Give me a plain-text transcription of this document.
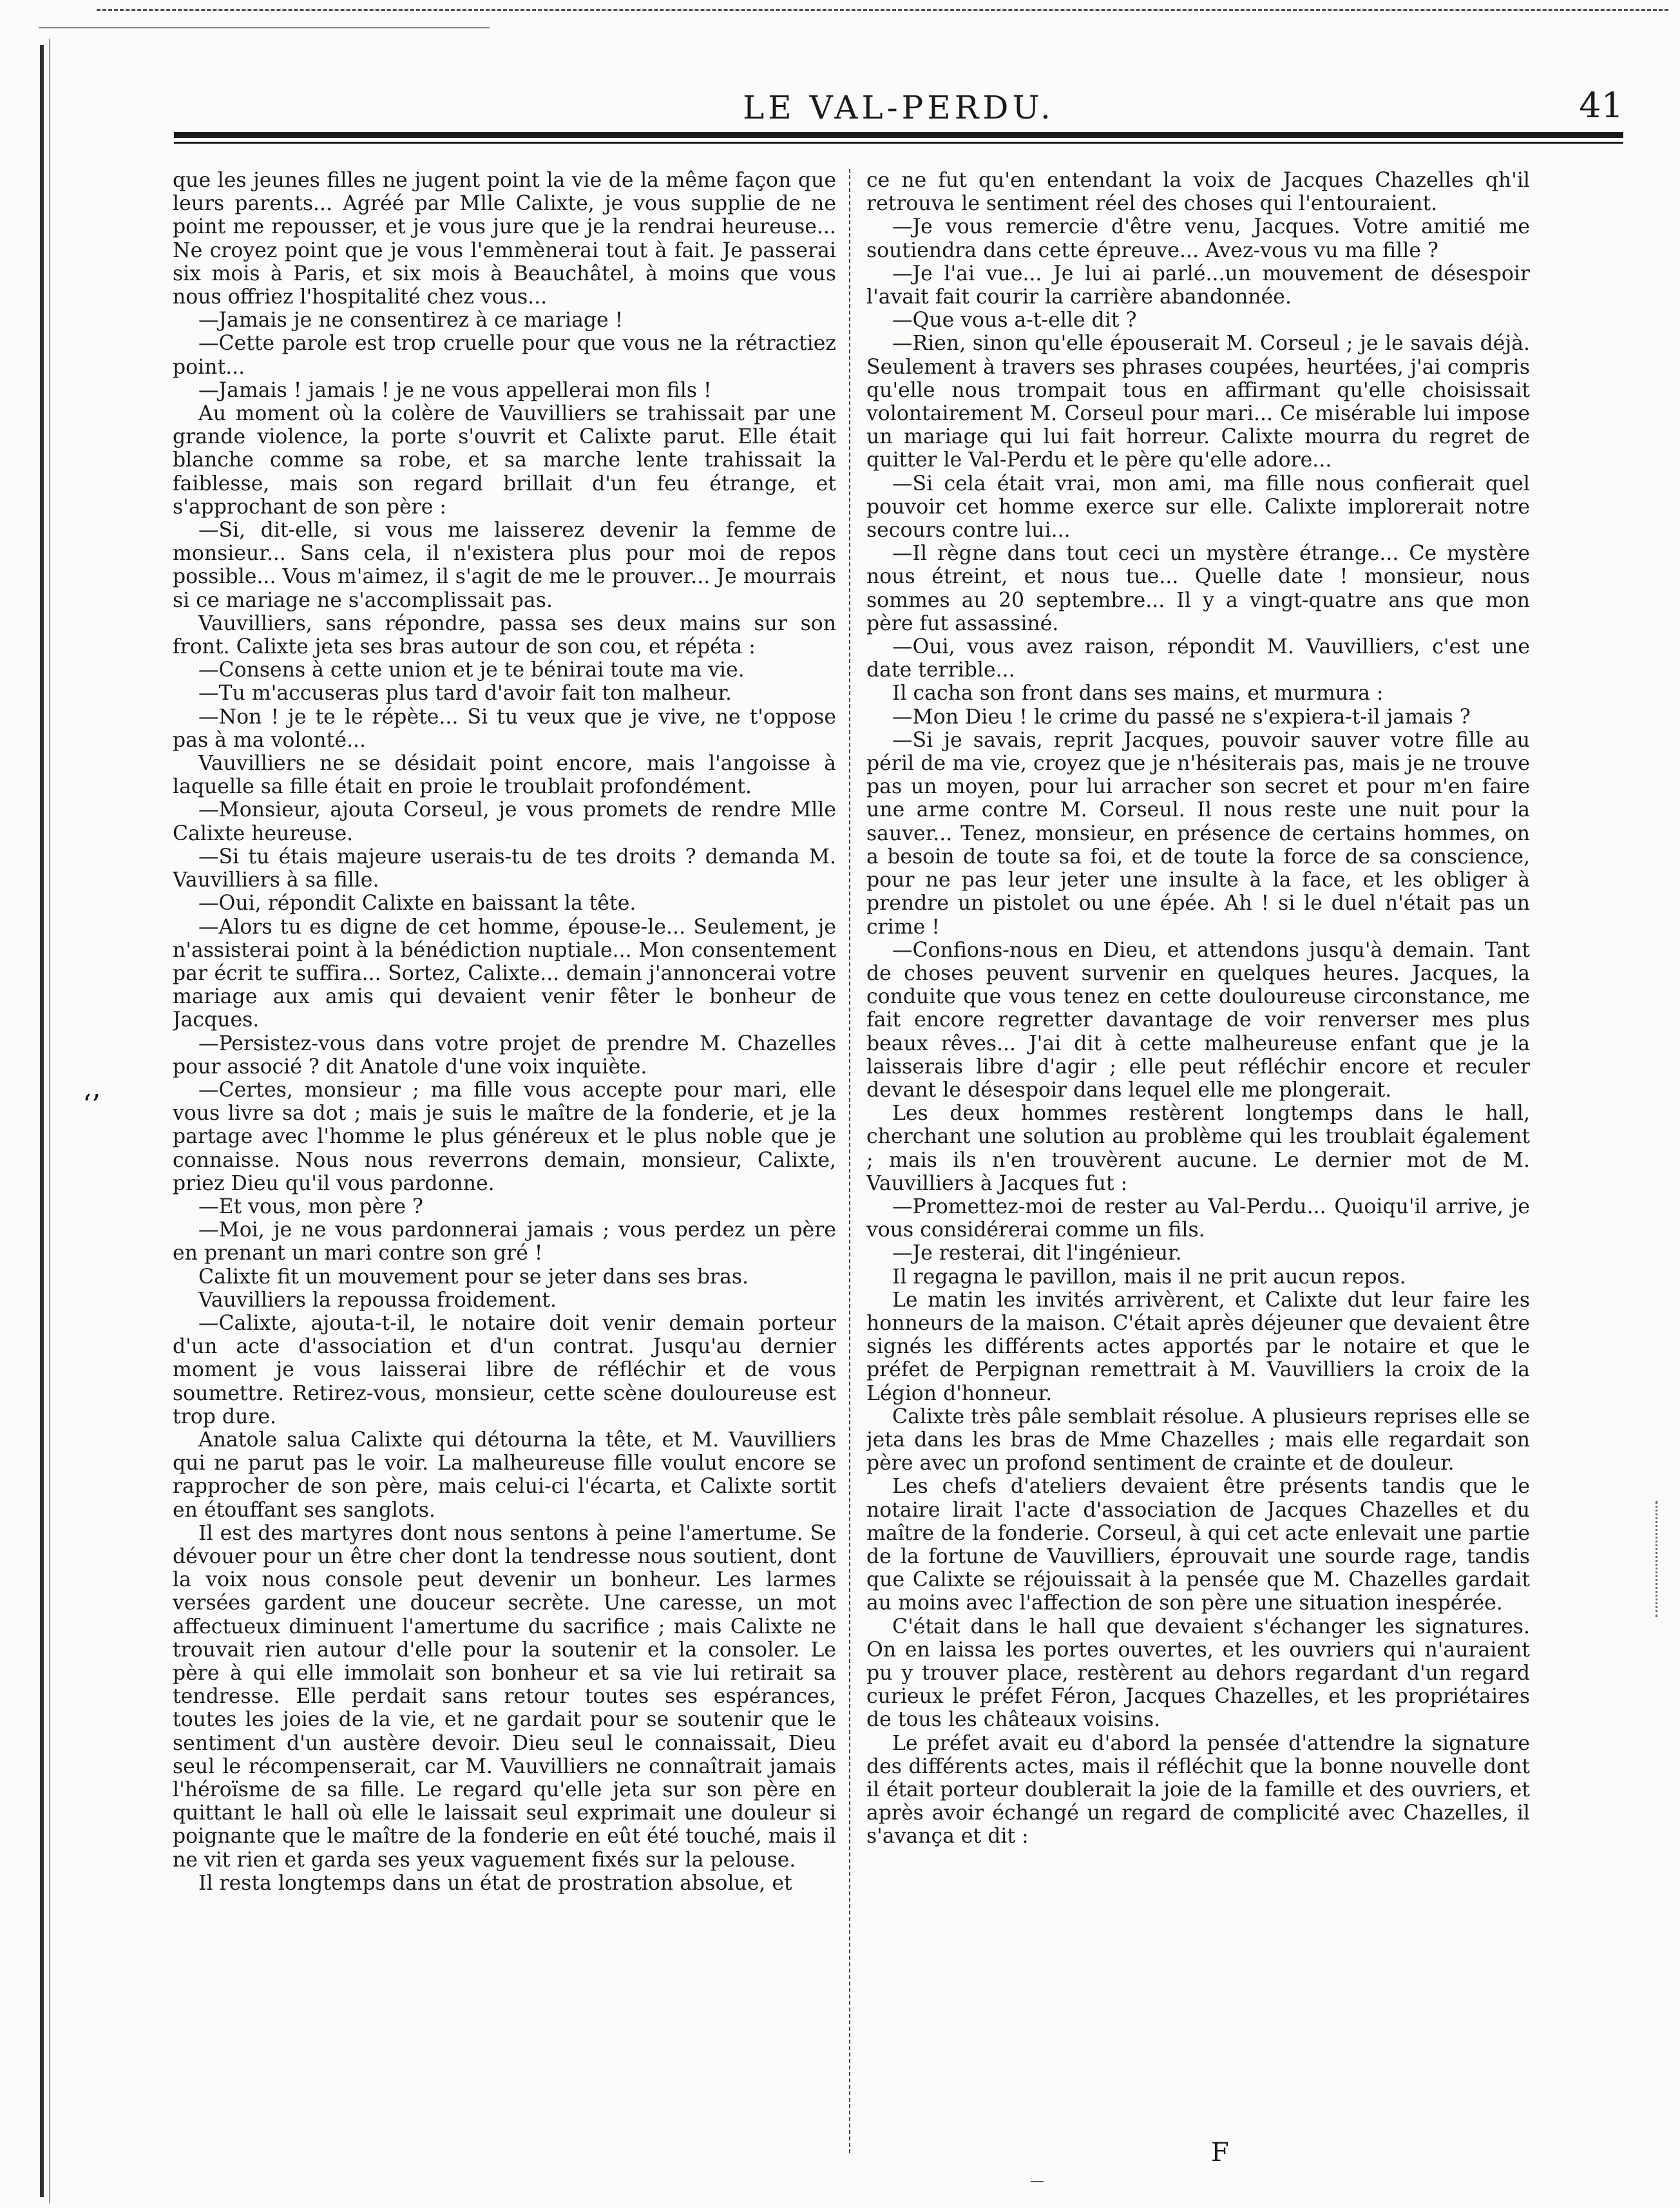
‘’
LE VAL-PERDU.	41

que les jeunes filles ne jugent point la vie de la même façon que leurs parents... Agréé par Mlle Calixte, je vous supplie de ne point me repousser, et je vous jure que je la rendrai heureuse... Ne croyez point que je vous l'emmènerai tout à fait. Je passerai six mois à Paris, et six mois à Beauchâtel, à moins que vous nous offriez l'hospitalité chez vous...

—Jamais je ne consentirez à ce mariage !

—Cette parole est trop cruelle pour que vous ne la rétractiez point...

—Jamais ! jamais ! je ne vous appellerai mon fils !

Au moment où la colère de Vauvilliers se trahissait par une grande violence, la porte s'ouvrit et Calixte parut. Elle était blanche comme sa robe, et sa marche lente trahissait la faiblesse, mais son regard brillait d'un feu étrange, et s'approchant de son père :

—Si, dit-elle, si vous me laisserez devenir la femme de monsieur... Sans cela, il n'existera plus pour moi de repos possible... Vous m'aimez, il s'agit de me le prouver... Je mourrais si ce mariage ne s'accomplissait pas.

Vauvilliers, sans répondre, passa ses deux mains sur son front. Calixte jeta ses bras autour de son cou, et répéta :

—Consens à cette union et je te bénirai toute ma vie.

—Tu m'accuseras plus tard d'avoir fait ton malheur.

—Non ! je te le répète... Si tu veux que je vive, ne t'oppose pas à ma volonté...

Vauvilliers ne se désidait point encore, mais l'angoisse à laquelle sa fille était en proie le troublait profondément.

—Monsieur, ajouta Corseul, je vous promets de rendre Mlle Calixte heureuse.

—Si tu étais majeure userais-tu de tes droits ? demanda M. Vauvilliers à sa fille.

—Oui, répondit Calixte en baissant la tête.

—Alors tu es digne de cet homme, épouse-le... Seulement, je n'assisterai point à la bénédiction nuptiale... Mon consentement par écrit te suffira... Sortez, Calixte... demain j'annoncerai votre mariage aux amis qui devaient venir fêter le bonheur de Jacques.

—Persistez-vous dans votre projet de prendre M. Chazelles pour associé ? dit Anatole d'une voix inquiète.

—Certes, monsieur ; ma fille vous accepte pour mari, elle vous livre sa dot ; mais je suis le maître de la fonderie, et je la partage avec l'homme le plus généreux et le plus noble que je connaisse. Nous nous reverrons demain, monsieur, Calixte, priez Dieu qu'il vous pardonne.

—Et vous, mon père ?

—Moi, je ne vous pardonnerai jamais ; vous perdez un père en prenant un mari contre son gré !

Calixte fit un mouvement pour se jeter dans ses bras.

Vauvilliers la repoussa froidement.

—Calixte, ajouta-t-il, le notaire doit venir demain porteur d'un acte d'association et d'un contrat. Jusqu'au dernier moment je vous laisserai libre de réfléchir et de vous soumettre. Retirez-vous, monsieur, cette scène douloureuse est trop dure.

Anatole salua Calixte qui détourna la tête, et M. Vauvilliers qui ne parut pas le voir. La malheureuse fille voulut encore se rapprocher de son père, mais celui-ci l'écarta, et Calixte sortit en étouffant ses sanglots.

Il est des martyres dont nous sentons à peine l'amertume. Se dévouer pour un être cher dont la tendresse nous soutient, dont la voix nous console peut devenir un bonheur. Les larmes versées gardent une douceur secrète. Une caresse, un mot affectueux diminuent l'amertume du sacrifice ; mais Calixte ne trouvait rien autour d'elle pour la soutenir et la consoler. Le père à qui elle immolait son bonheur et sa vie lui retirait sa tendresse. Elle perdait sans retour toutes ses espérances, toutes les joies de la vie, et ne gardait pour se soutenir que le sentiment d'un austère devoir. Dieu seul le connaissait, Dieu seul le récompenserait, car M. Vauvilliers ne connaîtrait jamais l'héroïsme de sa fille. Le regard qu'elle jeta sur son père en quittant le hall où elle le laissait seul exprimait une douleur si poignante que le maître de la fonderie en eût été touché, mais il ne vit rien et garda ses yeux vaguement fixés sur la pelouse.

Il resta longtemps dans un état de prostration absolue, et

ce ne fut qu'en entendant la voix de Jacques Chazelles qh'il retrouva le sentiment réel des choses qui l'entouraient.

—Je vous remercie d'être venu, Jacques. Votre amitié me soutiendra dans cette épreuve... Avez-vous vu ma fille ?

—Je l'ai vue... Je lui ai parlé...un mouvement de désespoir l'avait fait courir la carrière abandonnée.

—Que vous a-t-elle dit ?

—Rien, sinon qu'elle épouserait M. Corseul ; je le savais déjà. Seulement à travers ses phrases coupées, heurtées, j'ai compris qu'elle nous trompait tous en affirmant qu'elle choisissait volontairement M. Corseul pour mari... Ce misérable lui impose un mariage qui lui fait horreur. Calixte mourra du regret de quitter le Val-Perdu et le père qu'elle adore...

—Si cela était vrai, mon ami, ma fille nous confierait quel pouvoir cet homme exerce sur elle. Calixte implorerait notre secours contre lui...

—Il règne dans tout ceci un mystère étrange... Ce mystère nous étreint, et nous tue... Quelle date ! monsieur, nous sommes au 20 septembre... Il y a vingt-quatre ans que mon père fut assassiné.

—Oui, vous avez raison, répondit M. Vauvilliers, c'est une date terrible...

Il cacha son front dans ses mains, et murmura :

—Mon Dieu ! le crime du passé ne s'expiera-t-il jamais ?

—Si je savais, reprit Jacques, pouvoir sauver votre fille au péril de ma vie, croyez que je n'hésiterais pas, mais je ne trouve pas un moyen, pour lui arracher son secret et pour m'en faire une arme contre M. Corseul. Il nous reste une nuit pour la sauver... Tenez, monsieur, en présence de certains hommes, on a besoin de toute sa foi, et de toute la force de sa conscience, pour ne pas leur jeter une insulte à la face, et les obliger à prendre un pistolet ou une épée. Ah ! si le duel n'était pas un crime !

—Confions-nous en Dieu, et attendons jusqu'à demain. Tant de choses peuvent survenir en quelques heures. Jacques, la conduite que vous tenez en cette douloureuse circonstance, me fait encore regretter davantage de voir renverser mes plus beaux rêves... J'ai dit à cette malheureuse enfant que je la laisserais libre d'agir ; elle peut réfléchir encore et reculer devant le désespoir dans lequel elle me plongerait.

Les deux hommes restèrent longtemps dans le hall, cherchant une solution au problème qui les troublait également ; mais ils n'en trouvèrent aucune. Le dernier mot de M. Vauvilliers à Jacques fut :

—Promettez-moi de rester au Val-Perdu... Quoiqu'il arrive, je vous considérerai comme un fils.

—Je resterai, dit l'ingénieur.

Il regagna le pavillon, mais il ne prit aucun repos.

Le matin les invités arrivèrent, et Calixte dut leur faire les honneurs de la maison. C'était après déjeuner que devaient être signés les différents actes apportés par le notaire et que le préfet de Perpignan remettrait à M. Vauvilliers la croix de la Légion d'honneur.

Calixte très pâle semblait résolue. A plusieurs reprises elle se jeta dans les bras de Mme Chazelles ; mais elle regardait son père avec un profond sentiment de crainte et de douleur.

Les chefs d'ateliers devaient être présents tandis que le notaire lirait l'acte d'association de Jacques Chazelles et du maître de la fonderie. Corseul, à qui cet acte enlevait une partie de la fortune de Vauvilliers, éprouvait une sourde rage, tandis que Calixte se réjouissait à la pensée que M. Chazelles gardait au moins avec l'affection de son père une situation inespérée.

C'était dans le hall que devaient s'échanger les signatures. On en laissa les portes ouvertes, et les ouvriers qui n'auraient pu y trouver place, restèrent au dehors regardant d'un regard curieux le préfet Féron, Jacques Chazelles, et les propriétaires de tous les châteaux voisins.

Le préfet avait eu d'abord la pensée d'attendre la signature des différents actes, mais il réfléchit que la bonne nouvelle dont il était porteur doublerait la joie de la famille et des ouvriers, et après avoir échangé un regard de complicité avec Chazelles, il s'avança et dit :

F
